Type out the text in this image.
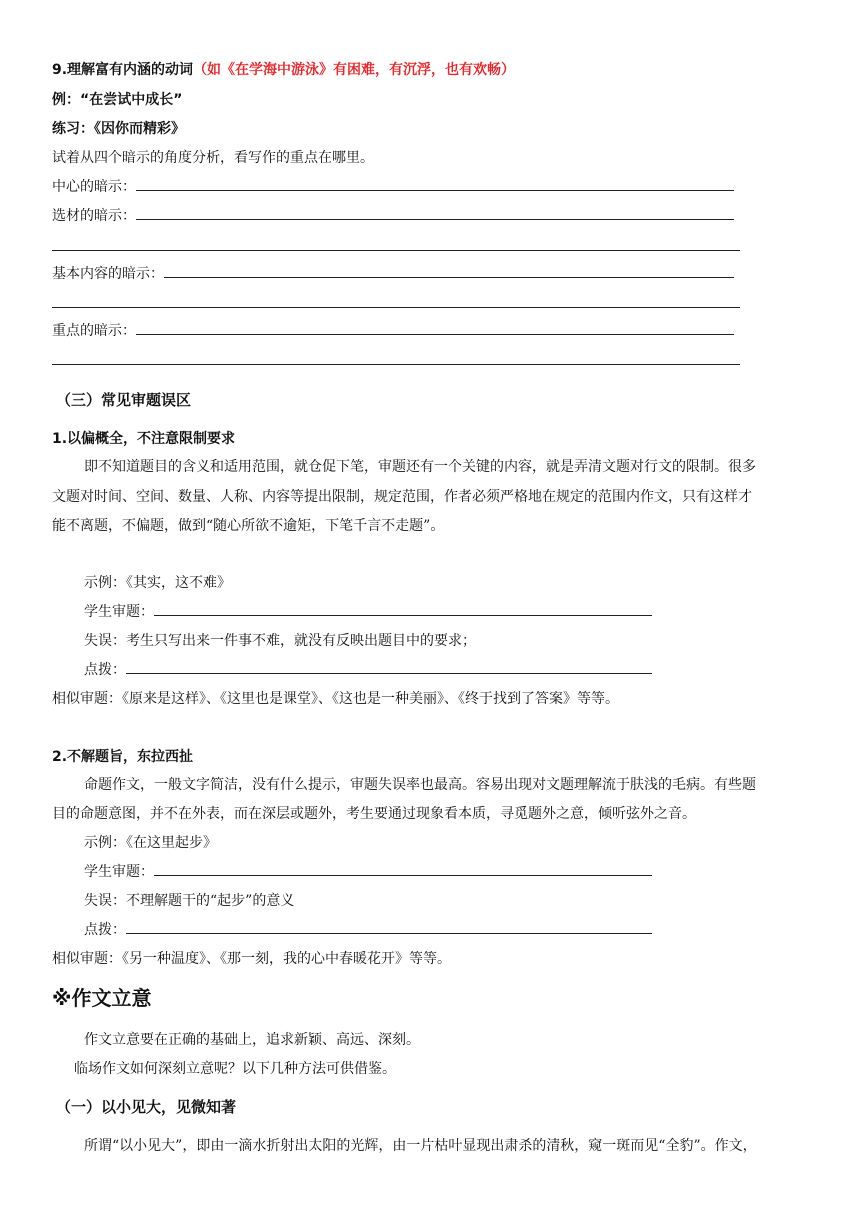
9.理解富有内涵的动词（如《在学海中游泳》有困难，有沉浮，也有欢畅）
例：“在尝试中成长”
练习：《因你而精彩》
试着从四个暗示的角度分析，看写作的重点在哪里。
中心的暗示：
选材的暗示：
基本内容的暗示：
重点的暗示：
（三）常见审题误区
1.以偏概全，不注意限制要求
即不知道题目的含义和适用范围，就仓促下笔，审题还有一个关键的内容，就是弄清文题对行文的限制。很多
文题对时间、空间、数量、人称、内容等提出限制，规定范围，作者必须严格地在规定的范围内作文，只有这样才
能不离题，不偏题，做到“随心所欲不逾矩，下笔千言不走题”。
示例：《其实，这不难》
学生审题：
失误：考生只写出来一件事不难，就没有反映出题目中的要求；
点拨：
相似审题：《原来是这样》、《这里也是课堂》、《这也是一种美丽》、《终于找到了答案》等等。
2.不解题旨，东拉西扯
命题作文，一般文字简洁，没有什么提示，审题失误率也最高。容易出现对文题理解流于肤浅的毛病。有些题
目的命题意图，并不在外表，而在深层或题外，考生要通过现象看本质，寻觅题外之意，倾听弦外之音。
示例：《在这里起步》
学生审题：
失误：不理解题干的“起步”的意义
点拨：
相似审题：《另一种温度》、《那一刻，我的心中春暖花开》等等。
※作文立意
作文立意要在正确的基础上，追求新颖、高远、深刻。
临场作文如何深刻立意呢？以下几种方法可供借鉴。
（一）以小见大，见微知著
所谓“以小见大”，即由一滴水折射出太阳的光辉，由一片枯叶显现出肃杀的清秋，窥一斑而见“全豹”。作文，
